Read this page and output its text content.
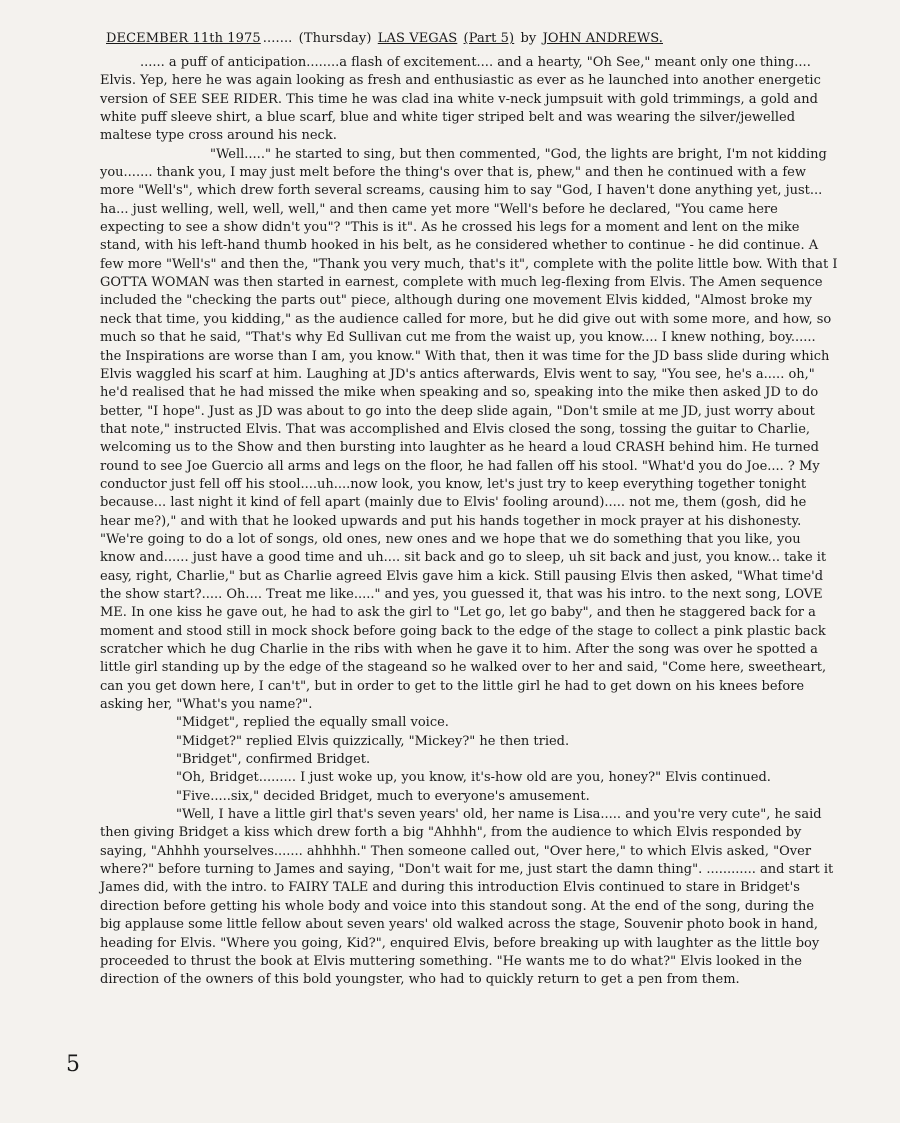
DECEMBER 11th 1975 ....... (Thursday) LAS VEGAS (Part 5) by JOHN ANDREWS.

...... a puff of anticipation........a flash of excitement.... and a hearty, "Oh See," meant only one thing.... Elvis. Yep, here he was again looking as fresh and enthusiastic as ever as he launched into another energetic version of SEE SEE RIDER. This time he was clad ina white v-neck jumpsuit with gold trimmings, a gold and white puff sleeve shirt, a blue scarf, blue and white tiger striped belt and was wearing the silver/jewelled maltese type cross around his neck.

"Well....." he started to sing, but then commented, "God, the lights are bright, I'm not kidding you....... thank you, I may just melt before the thing's over that is, phew," and then he continued with a few more "Well's", which drew forth several screams, causing him to say "God, I haven't done anything yet, just... ha... just welling, well, well, well," and then came yet more "Well's before he declared, "You came here expecting to see a show didn't you"? "This is it". As he crossed his legs for a moment and lent on the mike stand, with his left-hand thumb hooked in his belt, as he considered whether to continue - he did continue. A few more "Well's" and then the, "Thank you very much, that's it", complete with the polite little bow. With that I GOTTA WOMAN was then started in earnest, complete with much leg-flexing from Elvis. The Amen sequence included the "checking the parts out" piece, although during one movement Elvis kidded, "Almost broke my neck that time, you kidding," as the audience called for more, but he did give out with some more, and how, so much so that he said, "That's why Ed Sullivan cut me from the waist up, you know.... I knew nothing, boy...... the Inspirations are worse than I am, you know." With that, then it was time for the JD bass slide during which Elvis waggled his scarf at him. Laughing at JD's antics afterwards, Elvis went to say, "You see, he's a..... oh," he'd realised that he had missed the mike when speaking and so, speaking into the mike then asked JD to do better, "I hope". Just as JD was about to go into the deep slide again, "Don't smile at me JD, just worry about that note," instructed Elvis. That was accomplished and Elvis closed the song, tossing the guitar to Charlie, welcoming us to the Show and then bursting into laughter as he heard a loud CRASH behind him. He turned round to see Joe Guercio all arms and legs on the floor, he had fallen off his stool. "What'd you do Joe.... ? My conductor just fell off his stool....uh....now look, you know, let's just try to keep everything together tonight because... last night it kind of fell apart (mainly due to Elvis' fooling around)..... not me, them (gosh, did he hear me?)," and with that he looked upwards and put his hands together in mock prayer at his dishonesty. "We're going to do a lot of songs, old ones, new ones and we hope that we do something that you like, you know and...... just have a good time and uh.... sit back and go to sleep, uh sit back and just, you know... take it easy, right, Charlie," but as Charlie agreed Elvis gave him a kick. Still pausing Elvis then asked, "What time'd the show start?..... Oh.... Treat me like....." and yes, you guessed it, that was his intro. to the next song, LOVE ME. In one kiss he gave out, he had to ask the girl to "Let go, let go baby", and then he staggered back for a moment and stood still in mock shock before going back to the edge of the stage to collect a pink plastic back scratcher which he dug Charlie in the ribs with when he gave it to him. After the song was over he spotted a little girl standing up by the edge of the stageand so he walked over to her and said, "Come here, sweetheart, can you get down here, I can't", but in order to get to the little girl he had to get down on his knees before asking her, "What's you name?".

"Midget", replied the equally small voice.

"Midget?" replied Elvis quizzically, "Mickey?" he then tried.

"Bridget", confirmed Bridget.

"Oh, Bridget......... I just woke up, you know, it's-how old are you, honey?" Elvis continued.

"Five.....six," decided Bridget, much to everyone's amusement.

"Well, I have a little girl that's seven years' old, her name is Lisa..... and you're very cute", he said then giving Bridget a kiss which drew forth a big "Ahhhh", from the audience to which Elvis responded by saying, "Ahhhh yourselves....... ahhhhh." Then someone called out, "Over here," to which Elvis asked, "Over where?" before turning to James and saying, "Don't wait for me, just start the damn thing". ............ and start it James did, with the intro. to FAIRY TALE and during this introduction Elvis continued to stare in Bridget's direction before getting his whole body and voice into this standout song. At the end of the song, during the big applause some little fellow about seven years' old walked across the stage, Souvenir photo book in hand, heading for Elvis. "Where you going, Kid?", enquired Elvis, before breaking up with laughter as the little boy proceeded to thrust the book at Elvis muttering something. "He wants me to do what?" Elvis looked in the direction of the owners of this bold youngster, who had to quickly return to get a pen from them.

5
